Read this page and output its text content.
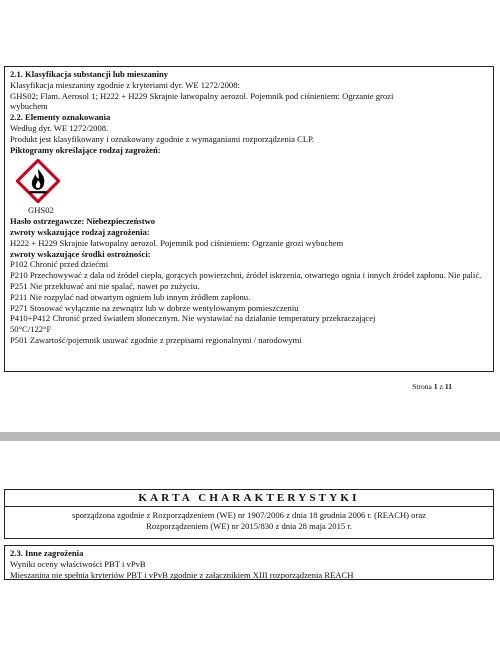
2.1. Klasyfikacja substancji lub mieszaniny
Klasyfikacja mieszaniny zgodnie z kryteriami dyr. WE 1272/2008:
GHS02; Flam. Aerosol 1; H222 + H229 Skrajnie łatwopalny aerozol. Pojemnik pod ciśnieniem: Ogrzanie grozi
wybuchem
2.2. Elementy oznakowania
Według dyr. WE 1272/2008.
Produkt jest klasyfikowany i oznakowany zgodnie z wymaganiami rozporządzenia CLP.
Piktogramy określające rodzaj zagrożeń:
GHS02
Hasło ostrzegawcze: Niebezpieczeństwo
zwroty wskazujące rodzaj zagrożenia:
H222 + H229 Skrajnie łatwopalny aerozol. Pojemnik pod ciśnieniem: Ogrzanie grozi wybuchem
zwroty wskazujące środki ostrożności:
P102 Chronić przed dziećmi
P210 Przechowywać z dala od źródeł ciepła, gorących powierzchni, źródeł iskrzenia, otwartego ognia i innych źródeł zapłonu. Nie palić.
P251 Nie przekłuwać ani nie spalać, nawet po zużyciu.
P211 Nie rozpylać nad otwartym ogniem lub innym źródłem zapłonu.
P271 Stosować wyłącznie na zewnątrz lub w dobrze wentylowanym pomieszczeniu
P410+P412 Chronić przed światłem słonecznym. Nie wystawiać na działanie temperatury przekraczającej
50°C/122°F
P501 Zawartość/pojemnik usuwać zgodnie z przepisami regionalnymi / narodowymi
Strona 1 z 11
KARTA CHARAKTERYSTYKI
sporządzona zgodnie z Rozporządzeniem (WE) nr 1907/2006 z dnia 18 grudnia 2006 r. (REACH) oraz
Rozporządzeniem (WE) nr 2015/830 z dnia 28 maja 2015 r.
2.3. Inne zagrożenia
Wyniki oceny właściwości PBT i vPvB
Mieszanina nie spełnia kryteriów PBT i vPvB zgodnie z załącznikiem XIII rozporządzenia REACH
